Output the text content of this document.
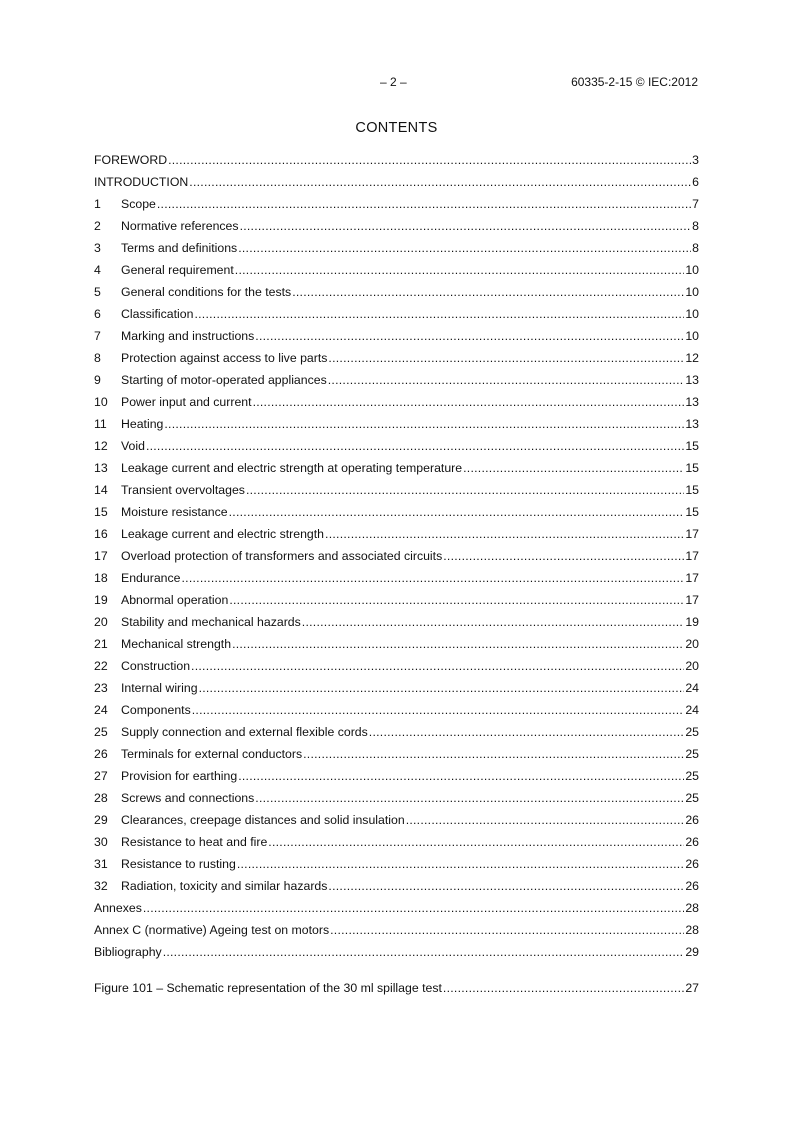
– 2 –	60335-2-15 © IEC:2012
CONTENTS
FOREWORD .....	3
INTRODUCTION .....	6
1	Scope .....	7
2	Normative references .....	8
3	Terms and definitions .....	8
4	General requirement .....	10
5	General conditions for the tests .....	10
6	Classification .....	10
7	Marking and instructions .....	10
8	Protection against access to live parts .....	12
9	Starting of motor-operated appliances .....	13
10	Power input and current .....	13
11	Heating .....	13
12	Void .....	15
13	Leakage current and electric strength at operating temperature .....	15
14	Transient overvoltages .....	15
15	Moisture resistance .....	15
16	Leakage current and electric strength .....	17
17	Overload protection of transformers and associated circuits .....	17
18	Endurance .....	17
19	Abnormal operation .....	17
20	Stability and mechanical hazards .....	19
21	Mechanical strength .....	20
22	Construction .....	20
23	Internal wiring .....	24
24	Components .....	24
25	Supply connection and external flexible cords .....	25
26	Terminals for external conductors .....	25
27	Provision for earthing .....	25
28	Screws and connections .....	25
29	Clearances, creepage distances and solid insulation .....	26
30	Resistance to heat and fire .....	26
31	Resistance to rusting .....	26
32	Radiation, toxicity and similar hazards .....	26
Annexes .....	28
Annex C (normative) Ageing test on motors .....	28
Bibliography .....	29
Figure 101 – Schematic representation of the 30 ml spillage test .....	27
